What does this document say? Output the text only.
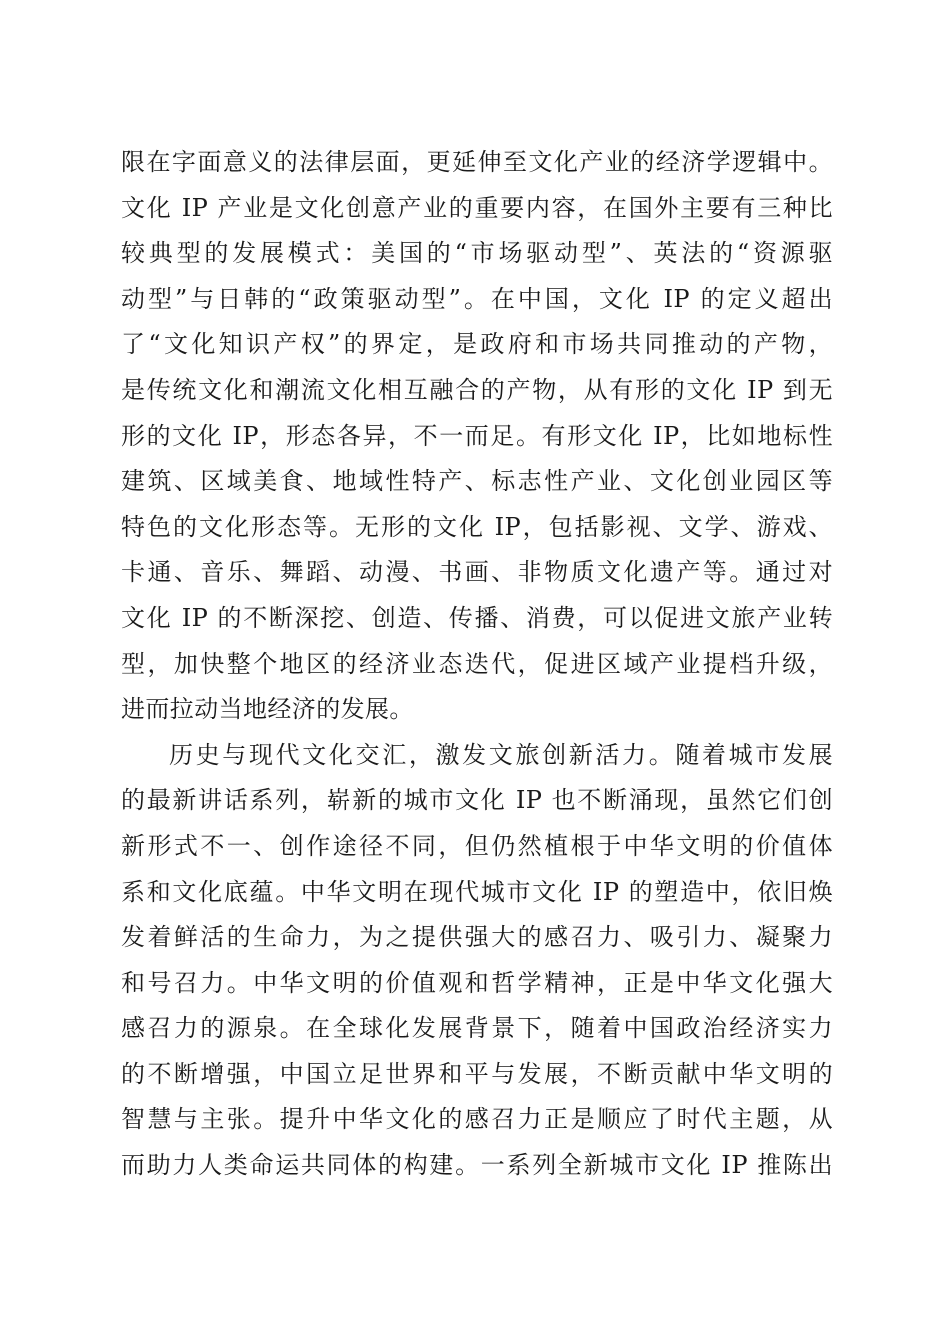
限在字面意义的法律层面，更延伸至文化产业的经济学逻辑中。
文化 IP 产业是文化创意产业的重要内容，在国外主要有三种比
较典型的发展模式：美国的“市场驱动型”、英法的“资源驱
动型”与日韩的“政策驱动型”。在中国，文化 IP 的定义超出
了“文化知识产权”的界定，是政府和市场共同推动的产物，
是传统文化和潮流文化相互融合的产物，从有形的文化 IP 到无
形的文化 IP，形态各异，不一而足。有形文化 IP，比如地标性
建筑、区域美食、地域性特产、标志性产业、文化创业园区等
特色的文化形态等。无形的文化 IP，包括影视、文学、游戏、
卡通、音乐、舞蹈、动漫、书画、非物质文化遗产等。通过对
文化 IP 的不断深挖、创造、传播、消费，可以促进文旅产业转
型，加快整个地区的经济业态迭代，促进区域产业提档升级，
进而拉动当地经济的发展。
历史与现代文化交汇，激发文旅创新活力。随着城市发展
的最新讲话系列，崭新的城市文化 IP 也不断涌现，虽然它们创
新形式不一、创作途径不同，但仍然植根于中华文明的价值体
系和文化底蕴。中华文明在现代城市文化 IP 的塑造中，依旧焕
发着鲜活的生命力，为之提供强大的感召力、吸引力、凝聚力
和号召力。中华文明的价值观和哲学精神，正是中华文化强大
感召力的源泉。在全球化发展背景下，随着中国政治经济实力
的不断增强，中国立足世界和平与发展，不断贡献中华文明的
智慧与主张。提升中华文化的感召力正是顺应了时代主题，从
而助力人类命运共同体的构建。一系列全新城市文化 IP 推陈出
